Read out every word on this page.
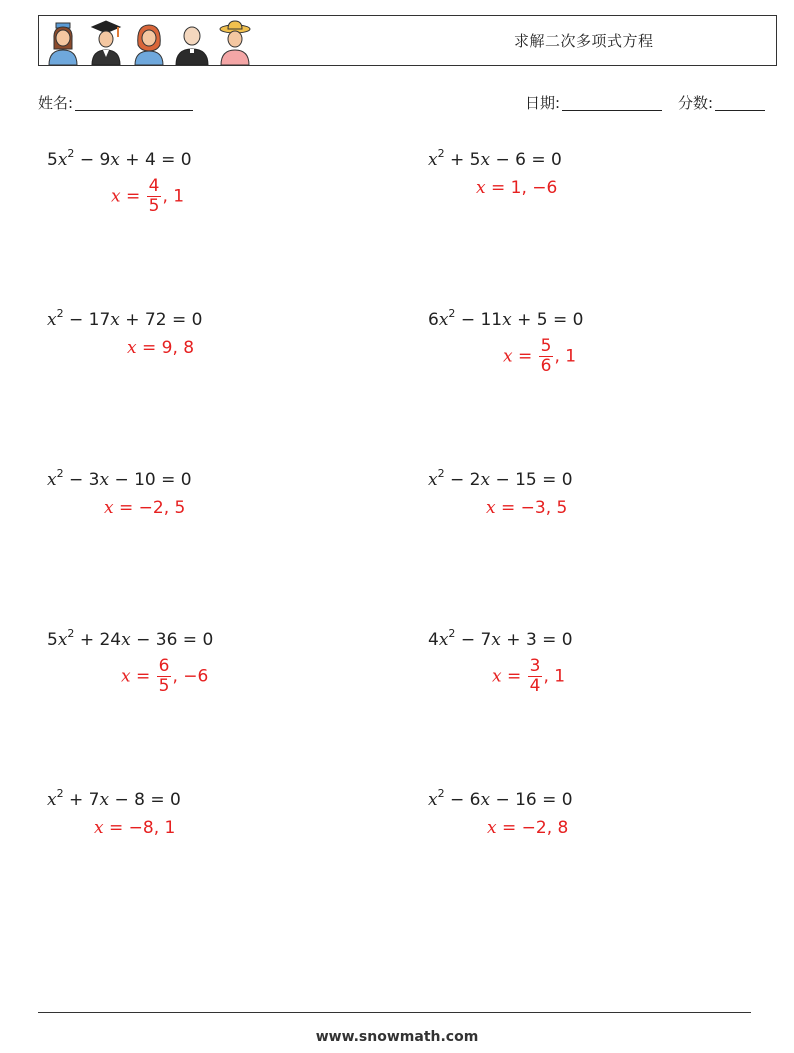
求解二次多项式方程
姓名:	日期:	分数:
$5x^2 - 9x + 4 = 0$
$x = \frac{4}{5}$ , 1
$x^2 + 5x - 6 = 0$
x = 1, −6
$x^2 - 17x + 72 = 0$
x = 9, 8
$6x^2 - 11x + 5 = 0$
$x = \frac{5}{6}$ , 1
$x^2 - 3x - 10 = 0$
x = −2, 5
$x^2 - 2x - 15 = 0$
x = −3, 5
$5x^2 + 24x - 36 = 0$
$x = \frac{6}{5}$ , −6
$4x^2 - 7x + 3 = 0$
$x = \frac{3}{4}$ , 1
$x^2 + 7x - 8 = 0$
x = −8, 1
$x^2 - 6x - 16 = 0$
x = −2, 8
www.snowmath.com
